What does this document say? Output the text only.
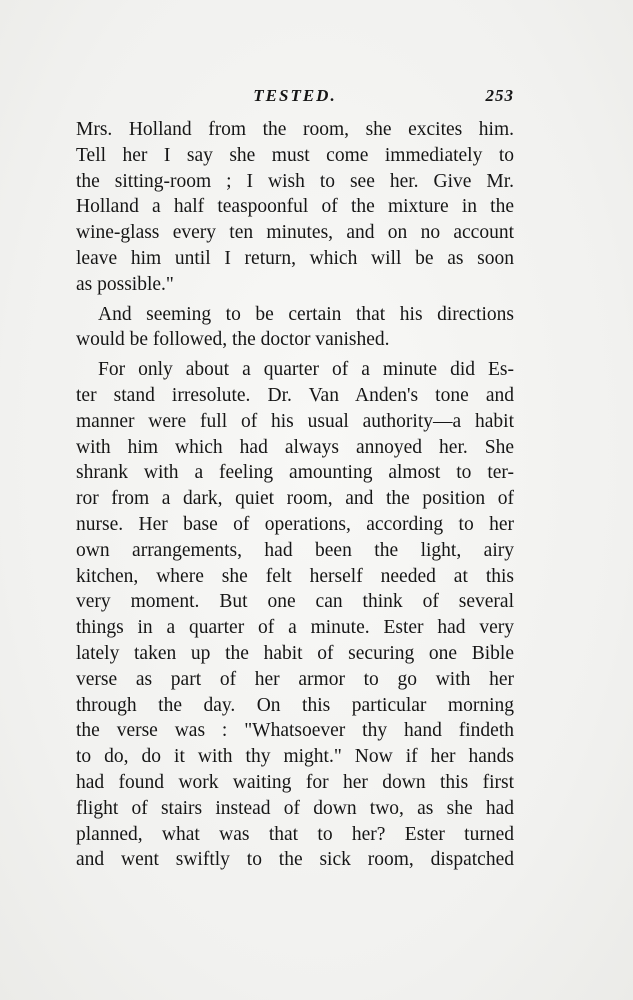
TESTED.	253
Mrs. Holland from the room, she excites him.
Tell her I say she must come immediately to
the sitting-room ; I wish to see her. Give Mr.
Holland a half teaspoonful of the mixture in the
wine-glass every ten minutes, and on no account
leave him until I return, which will be as soon
as possible."
And seeming to be certain that his directions
would be followed, the doctor vanished.
For only about a quarter of a minute did Es-
ter stand irresolute. Dr. Van Anden's tone and
manner were full of his usual authority—a habit
with him which had always annoyed her. She
shrank with a feeling amounting almost to ter-
ror from a dark, quiet room, and the position of
nurse. Her base of operations, according to her
own arrangements, had been the light, airy
kitchen, where she felt herself needed at this
very moment. But one can think of several
things in a quarter of a minute. Ester had very
lately taken up the habit of securing one Bible
verse as part of her armor to go with her
through the day. On this particular morning
the verse was : "Whatsoever thy hand findeth
to do, do it with thy might." Now if her hands
had found work waiting for her down this first
flight of stairs instead of down two, as she had
planned, what was that to her? Ester turned
and went swiftly to the sick room, dispatched
